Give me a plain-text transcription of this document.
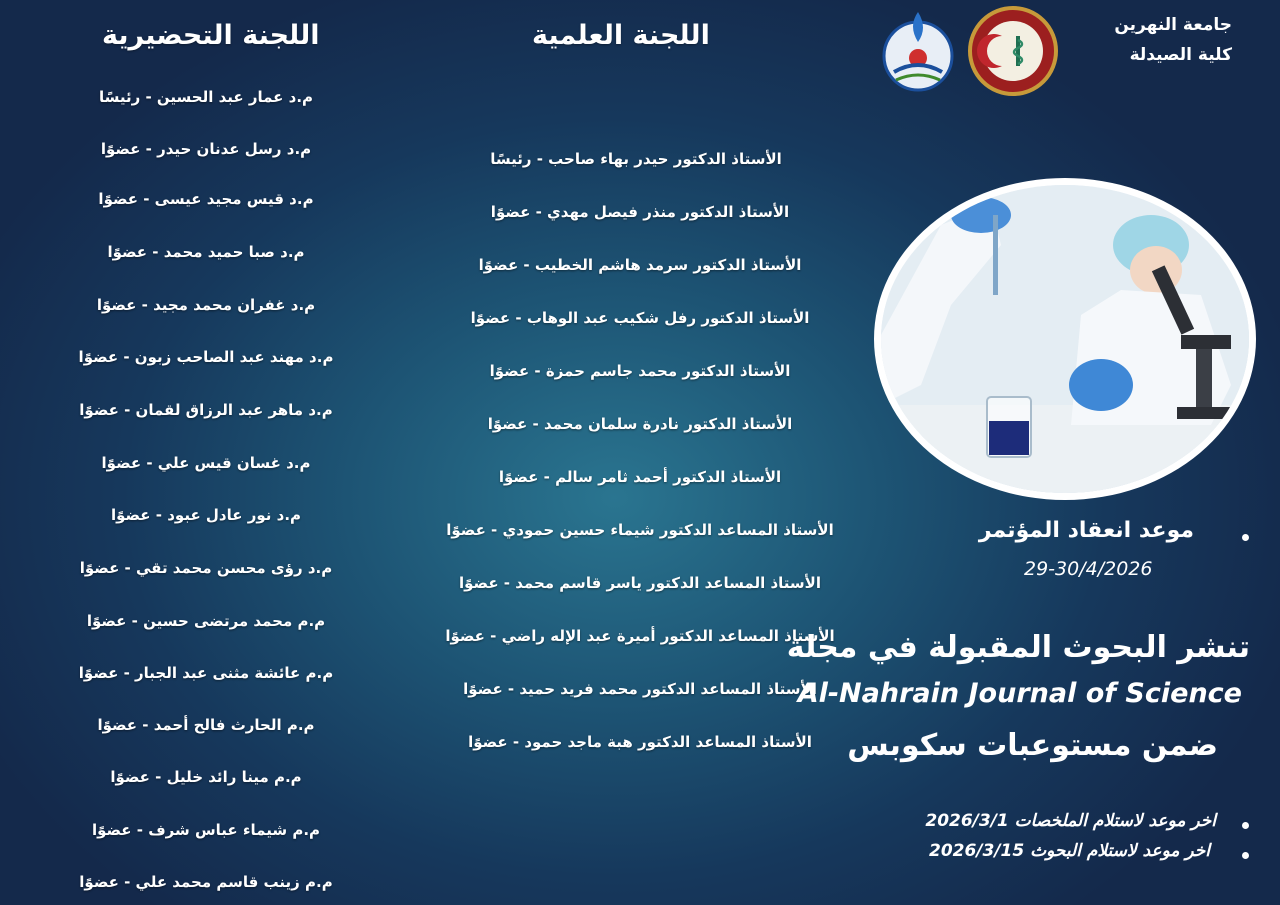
جامعة النهرين
كلية الصيدلة
اللجنة التحضيرية	اللجنة العلمية
م.د عمار عبد الحسين - رئيسًا
م.د رسل عدنان حيدر - عضوًا
م.د قيس مجيد عيسى - عضوًا
م.د صبا حميد محمد - عضوًا
م.د غفران محمد مجيد - عضوًا
م.د مهند عبد الصاحب زبون - عضوًا
م.د ماهر عبد الرزاق لقمان - عضوًا
م.د غسان قيس علي - عضوًا
م.د نور عادل عبود - عضوًا
م.د رؤى محسن محمد تقي - عضوًا
م.م محمد مرتضى حسين - عضوًا
م.م عائشة مثنى عبد الجبار - عضوًا
م.م الحارث فالح أحمد - عضوًا
م.م مينا رائد خليل - عضوًا
م.م شيماء عباس شرف - عضوًا
م.م زينب قاسم محمد علي - عضوًا
الأستاذ الدكتور حيدر بهاء صاحب - رئيسًا
الأستاذ الدكتور منذر فيصل مهدي - عضوًا
الأستاذ الدكتور سرمد هاشم الخطيب - عضوًا
الأستاذ الدكتور رفل شكيب عبد الوهاب - عضوًا
الأستاذ الدكتور محمد جاسم حمزة - عضوًا
الأستاذ الدكتور نادرة سلمان محمد - عضوًا
الأستاذ الدكتور أحمد ثامر سالم - عضوًا
الأستاذ المساعد الدكتور شيماء حسين حمودي - عضوًا
الأستاذ المساعد الدكتور ياسر قاسم محمد - عضوًا
الأستاذ المساعد الدكتور أميرة عبد الإله راضي - عضوًا
الأستاذ المساعد الدكتور محمد فريد حميد - عضوًا
الأستاذ المساعد الدكتور هبة ماجد حمود - عضوًا
موعد انعقاد المؤتمر
29-30/4/2026
تنشر البحوث المقبولة في مجلة
Al-Nahrain Journal of Science
ضمن مستوعبات سكوبس
اخر موعد لاستلام الملخصات 2026/3/1
اخر موعد لاستلام البحوث 2026/3/15
